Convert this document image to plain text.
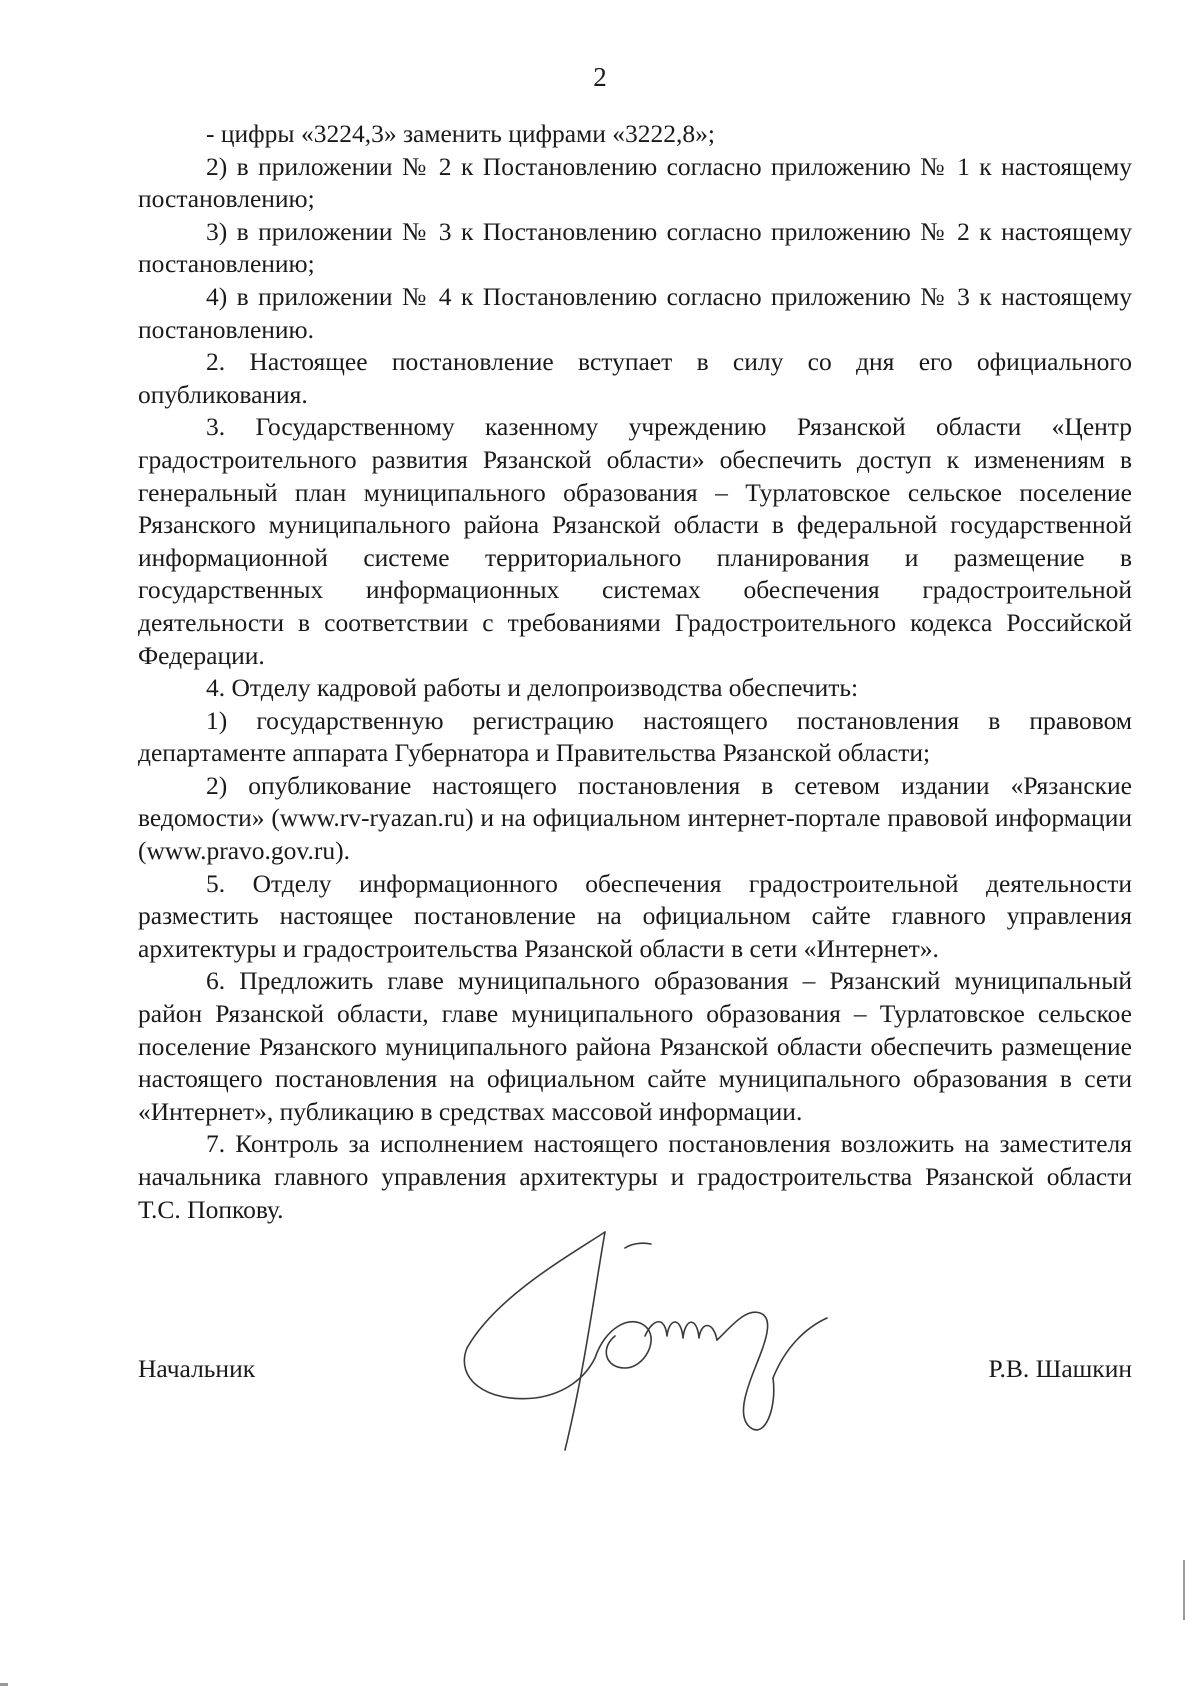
2

- цифры «3224,3» заменить цифрами «3222,8»;

2) в приложении № 2 к Постановлению согласно приложению № 1 к настоящему постановлению;

3) в приложении № 3 к Постановлению согласно приложению № 2 к настоящему постановлению;

4) в приложении № 4 к Постановлению согласно приложению № 3 к настоящему постановлению.

2. Настоящее постановление вступает в силу со дня его официального опубликования.

3. Государственному казенному учреждению Рязанской области «Центр градостроительного развития Рязанской области» обеспечить доступ к изменениям в генеральный план муниципального образования – Турлатовское сельское поселение Рязанского муниципального района Рязанской области в федеральной государственной информационной системе территориального планирования и размещение в государственных информационных системах обеспечения градостроительной деятельности в соответствии с требованиями Градостроительного кодекса Российской Федерации.

4. Отделу кадровой работы и делопроизводства обеспечить:

1) государственную регистрацию настоящего постановления в правовом департаменте аппарата Губернатора и Правительства Рязанской области;

2) опубликование настоящего постановления в сетевом издании «Рязанские ведомости» (www.rv-ryazan.ru) и на официальном интернет-портале правовой информации (www.pravo.gov.ru).

5. Отделу информационного обеспечения градостроительной деятельности разместить настоящее постановление на официальном сайте главного управления архитектуры и градостроительства Рязанской области в сети «Интернет».

6. Предложить главе муниципального образования – Рязанский муниципальный район Рязанской области, главе муниципального образования – Турлатовское сельское поселение Рязанского муниципального района Рязанской области обеспечить размещение настоящего постановления на официальном сайте муниципального образования в сети «Интернет», публикацию в средствах массовой информации.

7. Контроль за исполнением настоящего постановления возложить на заместителя начальника главного управления архитектуры и градостроительства Рязанской области Т.С. Попкову.

Начальник	Р.В. Шашкин
